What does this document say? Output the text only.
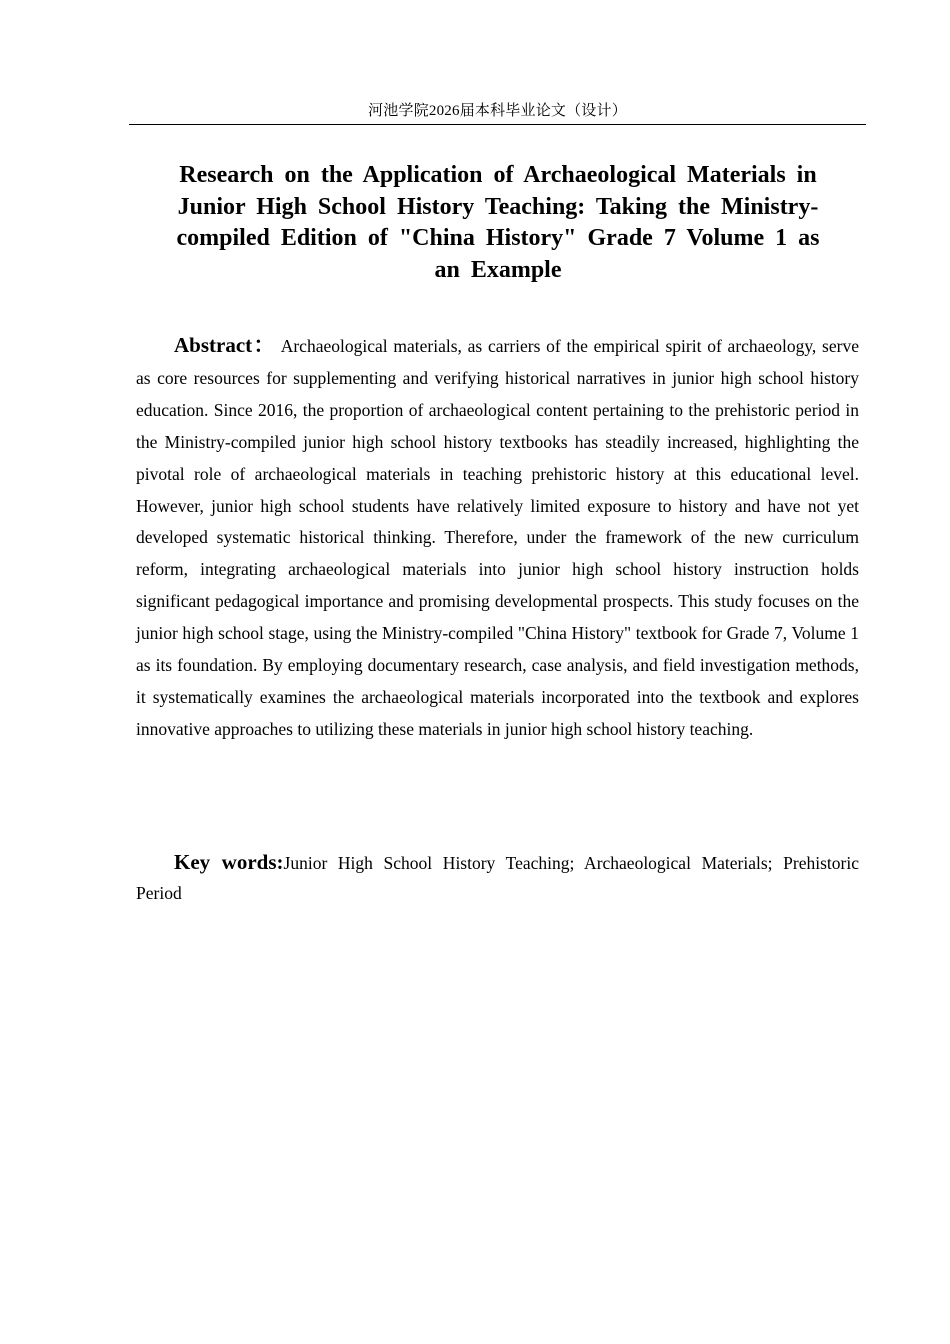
河池学院2026届本科毕业论文（设计）
Research on the Application of Archaeological Materials in Junior High School History Teaching: Taking the Ministry-compiled Edition of "China History" Grade 7 Volume 1 as an Example

Abstract： Archaeological materials, as carriers of the empirical spirit of archaeology, serve as core resources for supplementing and verifying historical narratives in junior high school history education. Since 2016, the proportion of archaeological content pertaining to the prehistoric period in the Ministry-compiled junior high school history textbooks has steadily increased, highlighting the pivotal role of archaeological materials in teaching prehistoric history at this educational level. However, junior high school students have relatively limited exposure to history and have not yet developed systematic historical thinking. Therefore, under the framework of the new curriculum reform, integrating archaeological materials into junior high school history instruction holds significant pedagogical importance and promising developmental prospects. This study focuses on the junior high school stage, using the Ministry-compiled "China History" textbook for Grade 7, Volume 1 as its foundation. By employing documentary research, case analysis, and field investigation methods, it systematically examines the archaeological materials incorporated into the textbook and explores innovative approaches to utilizing these materials in junior high school history teaching.

Key words:Junior High School History Teaching; Archaeological Materials; Prehistoric Period
